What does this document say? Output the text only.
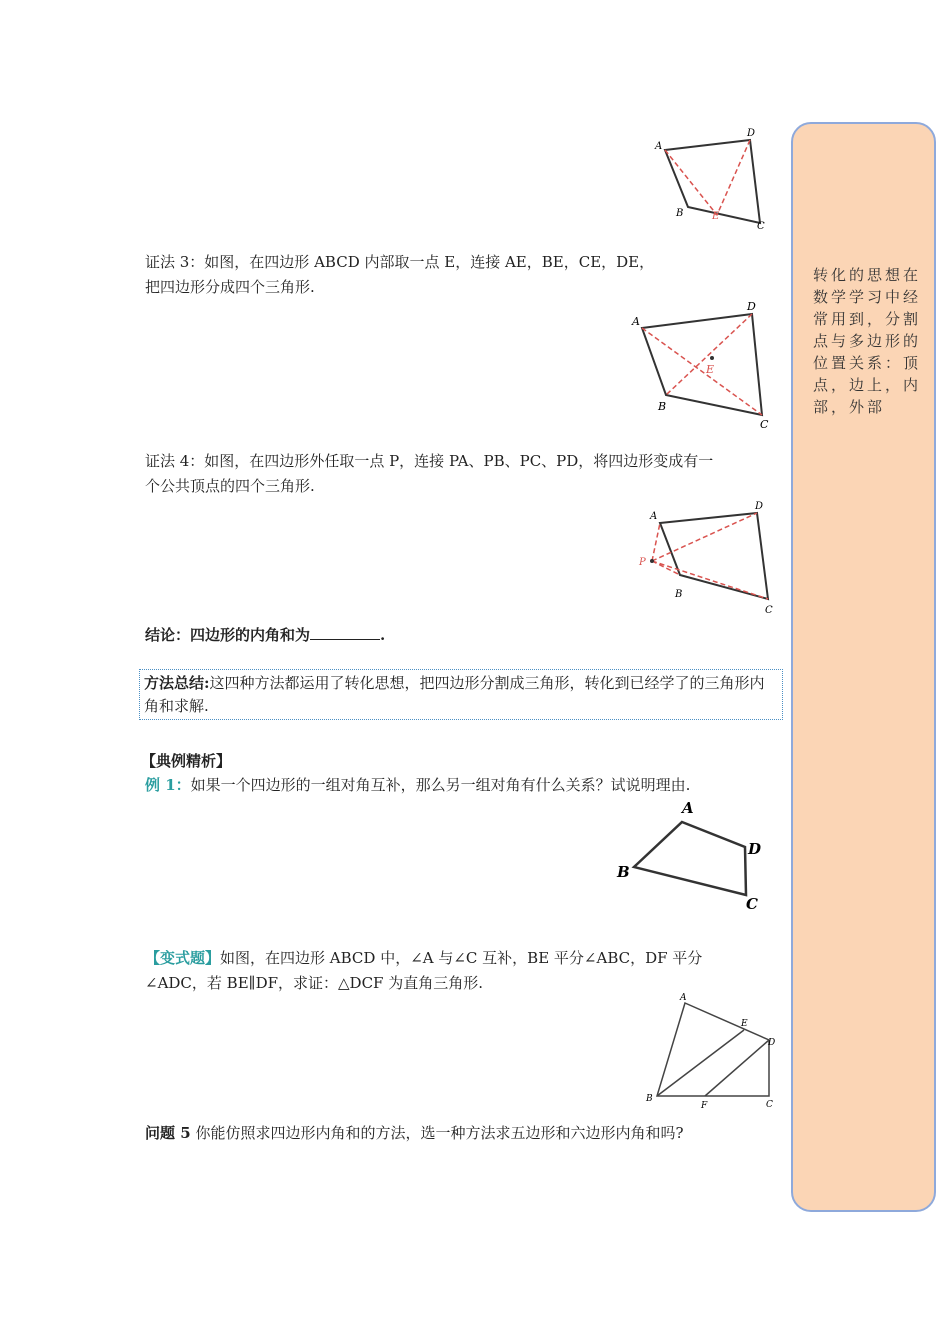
A
D
B	E
C
证法 3：如图，在四边形 ABCD 内部取一点 E，连接 AE，BE，CE，DE，
把四边形分成四个三角形.
A
D
E
B
C
证法 4：如图，在四边形外任取一点 P，连接 PA、PB、PC、PD，将四边形变成有一
个公共顶点的四个三角形.
A
D
P
B
C
结论：四边形的内角和为	.
方法总结:这四种方法都运用了转化思想，把四边形分割成三角形，转化到已经学了的三角形内角和求解.
【典例精析】
例 1：如果一个四边形的一组对角互补，那么另一组对角有什么关系？试说明理由.
A
D
B
C
【变式题】如图，在四边形 ABCD 中，∠A 与∠C 互补，BE 平分∠ABC，DF 平分
∠ADC，若 BE∥DF，求证：△DCF 为直角三角形.
A
E
D
B
F	C
问题 5 你能仿照求四边形内角和的方法，选一种方法求五边形和六边形内角和吗?
转化的思想在数学学习中经常用到，分割点与多边形的位置关系：顶点，边上，内部，外部
